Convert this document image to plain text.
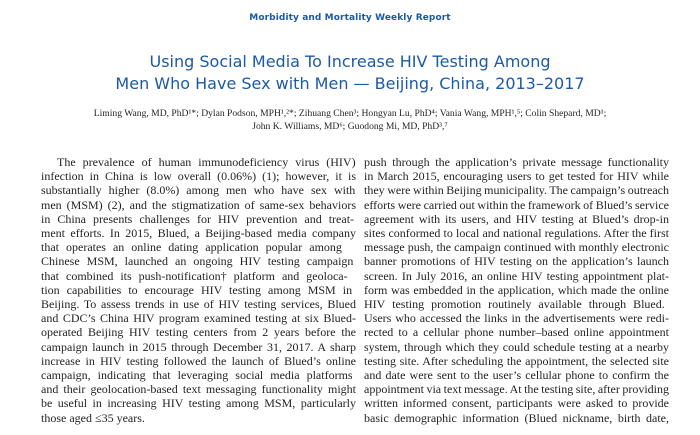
Morbidity and Mortality Weekly Report
Using Social Media To Increase HIV Testing Among
Men Who Have Sex with Men — Beijing, China, 2013–2017
Liming Wang, MD, PhD¹*; Dylan Podson, MPH¹,²*; Zihuang Chen³; Hongyan Lu, PhD⁴; Vania Wang, MPH¹,⁵; Colin Shepard, MD¹;
John K. Williams, MD⁶; Guodong Mi, MD, PhD³,⁷
The prevalence of human immunodeficiency virus (HIV)
infection in China is low overall (0.06%) (1); however, it is
substantially higher (8.0%) among men who have sex with
men (MSM) (2), and the stigmatization of same-sex behaviors
in China presents challenges for HIV prevention and treat-
ment efforts. In 2015, Blued, a Beijing-based media company
that operates an online dating application popular among
Chinese MSM, launched an ongoing HIV testing campaign
that combined its push-notification† platform and geoloca-
tion capabilities to encourage HIV testing among MSM in
Beijing. To assess trends in use of HIV testing services, Blued
and CDC’s China HIV program examined testing at six Blued-
operated Beijing HIV testing centers from 2 years before the
campaign launch in 2015 through December 31, 2017. A sharp
increase in HIV testing followed the launch of Blued’s online
campaign, indicating that leveraging social media platforms
and their geolocation-based text messaging functionality might
be useful in increasing HIV testing among MSM, particularly
those aged ≤35 years.
push through the application’s private message functionality
in March 2015, encouraging users to get tested for HIV while
they were within Beijing municipality. The campaign’s outreach
efforts were carried out within the framework of Blued’s service
agreement with its users, and HIV testing at Blued’s drop-in
sites conformed to local and national regulations. After the first
message push, the campaign continued with monthly electronic
banner promotions of HIV testing on the application’s launch
screen. In July 2016, an online HIV testing appointment plat-
form was embedded in the application, which made the online
HIV testing promotion routinely available through Blued.
Users who accessed the links in the advertisements were redi-
rected to a cellular phone number–based online appointment
system, through which they could schedule testing at a nearby
testing site. After scheduling the appointment, the selected site
and date were sent to the user’s cellular phone to confirm the
appointment via text message. At the testing site, after providing
written informed consent, participants were asked to provide
basic demographic information (Blued nickname, birth date,
